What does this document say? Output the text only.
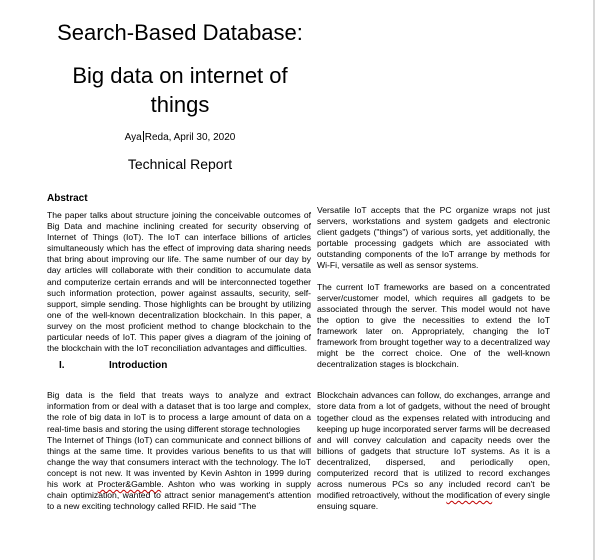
Search-Based Database:
Big data on internet of things
Aya Reda, April 30, 2020
Technical Report
Abstract

The paper talks about structure joining the conceivable outcomes of Big Data and machine inclining created for security observing of Internet of Things (IoT). The IoT can interface billions of articles simultaneously which has the effect of improving data sharing needs that bring about improving our life. The same number of our day by day articles will collaborate with their condition to accumulate data and computerize certain errands and will be interconnected together such information protection, power against assaults, security, self-support, simple sending. Those highlights can be brought by utilizing one of the well-known decentralization blockchain. In this paper, a survey on the most proficient method to change blockchain to the particular needs of IoT. This paper gives a diagram of the joining of the blockchain with the IoT reconciliation advantages and difficulties.

I.	Introduction

Big data is the field that treats ways to analyze and extract information from or deal with a dataset that is too large and complex, the role of big data in IoT is to process a large amount of data on a real-time basis and storing the using different storage technologies

The Internet of Things (IoT) can communicate and connect billions of things at the same time. It provides various benefits to us that will change the way that consumers interact with the technology. The IoT concept is not new. It was invented by Kevin Ashton in 1999 during his work at Procter&Gamble. Ashton who was working in supply chain optimization, wanted to attract senior management's attention to a new exciting technology called RFID. He said “The

Versatile IoT accepts that the PC organize wraps not just servers, workstations and system gadgets and electronic client gadgets ("things") of various sorts, yet additionally, the portable processing gadgets which are associated with outstanding components of the IoT arrange by methods for Wi-Fi, versatile as well as sensor systems.

The current IoT frameworks are based on a concentrated server/customer model, which requires all gadgets to be associated through the server. This model would not have the option to give the necessities to extend the IoT framework later on. Appropriately, changing the IoT framework from brought together way to a decentralized way might be the correct choice. One of the well-known decentralization stages is blockchain.

Blockchain advances can follow, do exchanges, arrange and store data from a lot of gadgets, without the need of brought together cloud as the expenses related with introducing and keeping up huge incorporated server farms will be decreased and will convey calculation and capacity needs over the billions of gadgets that structure IoT systems. As it is a decentralized, dispersed, and periodically open, computerized record that is utilized to record exchanges across numerous PCs so any included record can't be modified retroactively, without the modification of every single ensuing square.
